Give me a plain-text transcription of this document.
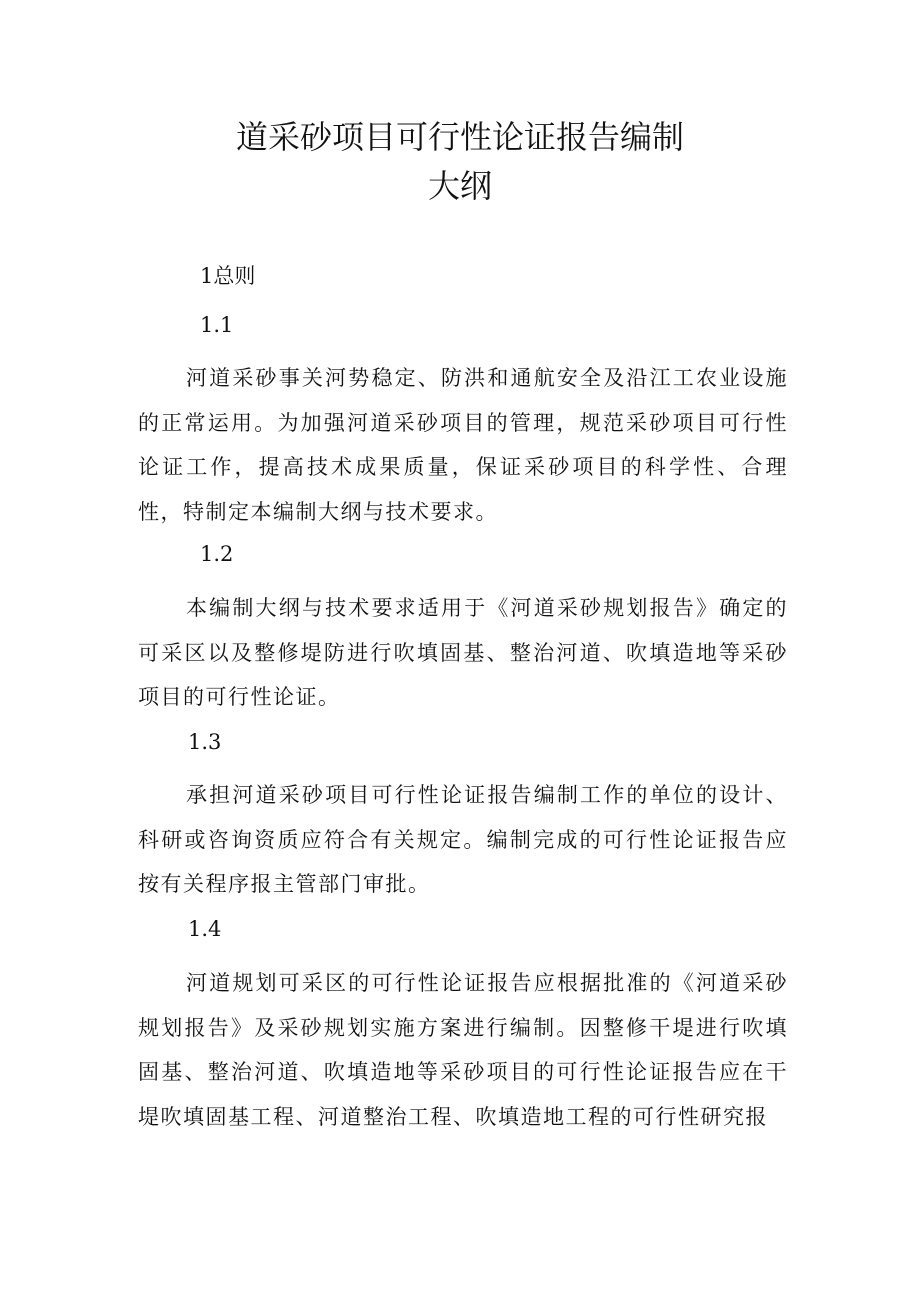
道采砂项目可行性论证报告编制
大纲
1总则
1.1
河道采砂事关河势稳定、防洪和通航安全及沿江工农业设施的正常运用。为加强河道采砂项目的管理，规范采砂项目可行性论证工作，提高技术成果质量，保证采砂项目的科学性、合理性，特制定本编制大纲与技术要求。
1.2
本编制大纲与技术要求适用于《河道采砂规划报告》确定的可采区以及整修堤防进行吹填固基、整治河道、吹填造地等采砂项目的可行性论证。
1.3
承担河道采砂项目可行性论证报告编制工作的单位的设计、科研或咨询资质应符合有关规定。编制完成的可行性论证报告应按有关程序报主管部门审批。
1.4
河道规划可采区的可行性论证报告应根据批准的《河道采砂规划报告》及采砂规划实施方案进行编制。因整修干堤进行吹填固基、整治河道、吹填造地等采砂项目的可行性论证报告应在干堤吹填固基工程、河道整治工程、吹填造地工程的可行性研究报
